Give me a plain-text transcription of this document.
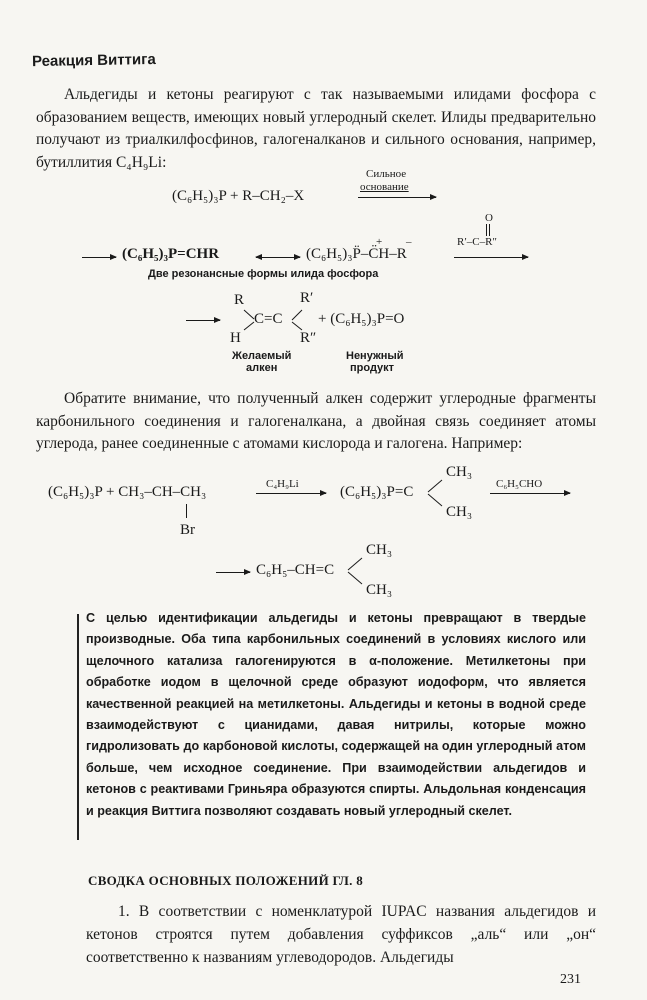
Реакция Виттига

Альдегиды и кетоны реагируют с так называемыми илидами фосфора с образованием веществ, имеющих новый углеродный скелет. Илиды предварительно получают из триалкилфосфинов, галогеналканов и сильного основания, например, бутиллития C₄H₉Li:

(C₆H₅)₃P + R–CH₂–X
Сильное
основание
(C₆H₅)₃P=CHR	(C₆H₅)₃P̈–C̈H–R
+ –
Две резонансные формы илида фосфора
O
R′–C–R″
R	R′
H	R″
C=C + (C₆H₅)₃P=O
Желаемый
алкен
Ненужный
продукт

Обратите внимание, что полученный алкен содержит углеродные фрагменты карбонильного соединения и галогеналкана, а двойная связь соединяет атомы углерода, ранее соединенные с атомами кислорода и галогена. Например:

(C₆H₅)₃P + CH₃–CH–CH₃
Br
C₄H₉Li	(C₆H₅)₃P=C
CH₃
CH₃
C₆H₅CHO
C₆H₅–CH=C
CH₃
CH₃
С целью идентификации альдегиды и кетоны превращают в твердые производные. Оба типа карбонильных соединений в условиях кислого или щелочного катализа галогенируются в α-положение. Метилкетоны при обработке иодом в щелочной среде образуют иодоформ, что является качественной реакцией на метилкетоны. Альдегиды и кетоны в водной среде взаимодействуют с цианидами, давая нитрилы, которые можно гидролизовать до карбоновой кислоты, содержащей на один углеродный атом больше, чем исходное соединение. При взаимодействии альдегидов и кетонов с реактивами Гриньяра образуются спирты. Альдольная конденсация и реакция Виттига позволяют создавать новый углеродный скелет.
СВОДКА ОСНОВНЫХ ПОЛОЖЕНИЙ ГЛ. 8

1. В соответствии с номенклатурой IUPAC названия альдегидов и кетонов строятся путем добавления суффиксов „аль“ или „он“ соответственно к названиям углеводородов. Альдегиды

231
